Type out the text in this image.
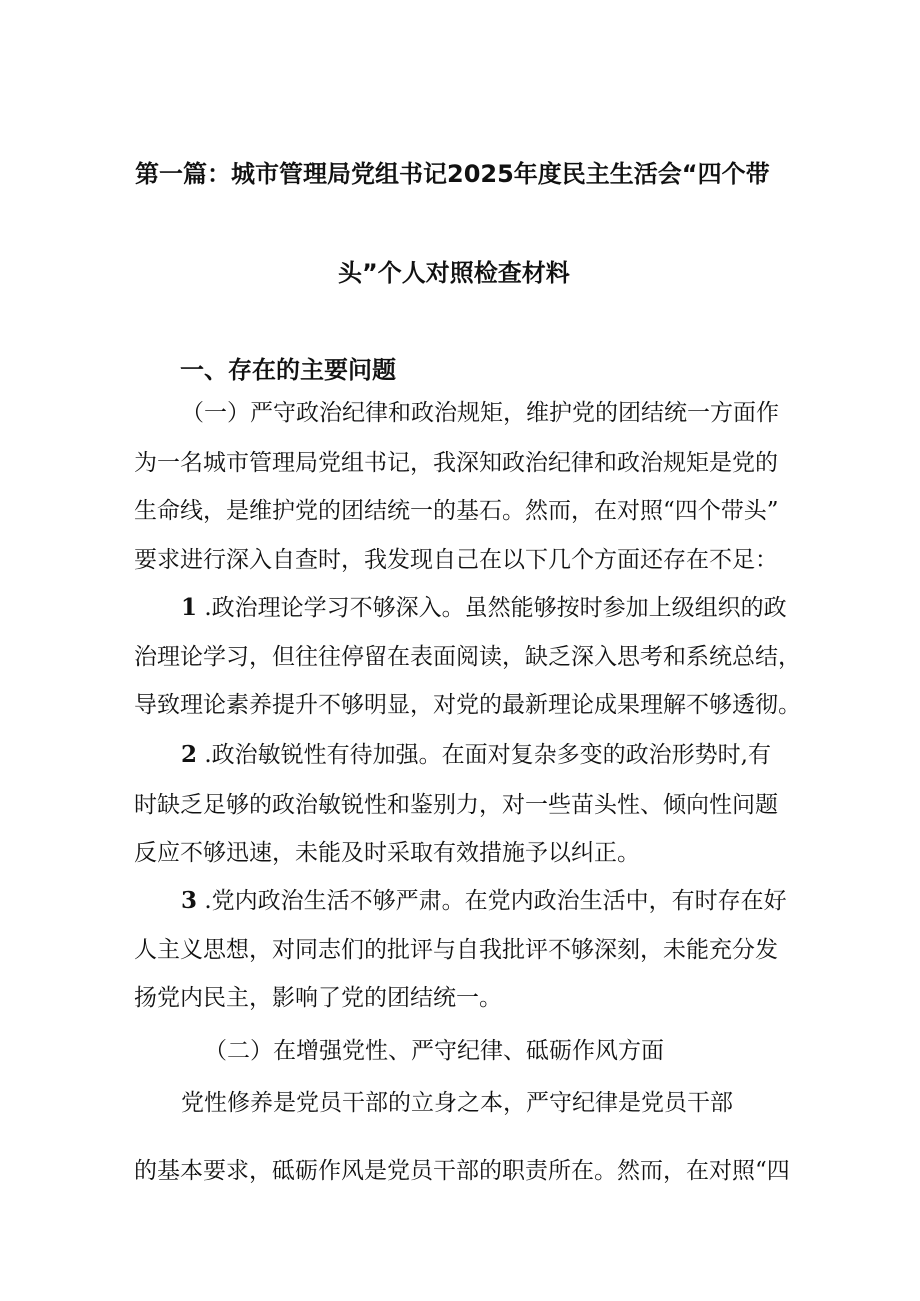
第一篇：城市管理局党组书记2025年度民主生活会“四个带
头”个人对照检查材料
一、存在的主要问题
（一）严守政治纪律和政治规矩，维护党的团结统一方面作
为一名城市管理局党组书记，我深知政治纪律和政治规矩是党的
生命线，是维护党的团结统一的基石。然而，在对照“四个带头”
要求进行深入自查时，我发现自己在以下几个方面还存在不足：
1 .政治理论学习不够深入。虽然能够按时参加上级组织的政
治理论学习，但往往停留在表面阅读，缺乏深入思考和系统总结，
导致理论素养提升不够明显，对党的最新理论成果理解不够透彻。
2 .政治敏锐性有待加强。在面对复杂多变的政治形势时,有
时缺乏足够的政治敏锐性和鉴别力，对一些苗头性、倾向性问题
反应不够迅速，未能及时采取有效措施予以纠正。
3 .党内政治生活不够严肃。在党内政治生活中，有时存在好
人主义思想，对同志们的批评与自我批评不够深刻，未能充分发
扬党内民主，影响了党的团结统一。
（二）在增强党性、严守纪律、砥砺作风方面
党性修养是党员干部的立身之本，严守纪律是党员干部
的基本要求，砥砺作风是党员干部的职责所在。然而，在对照“四
